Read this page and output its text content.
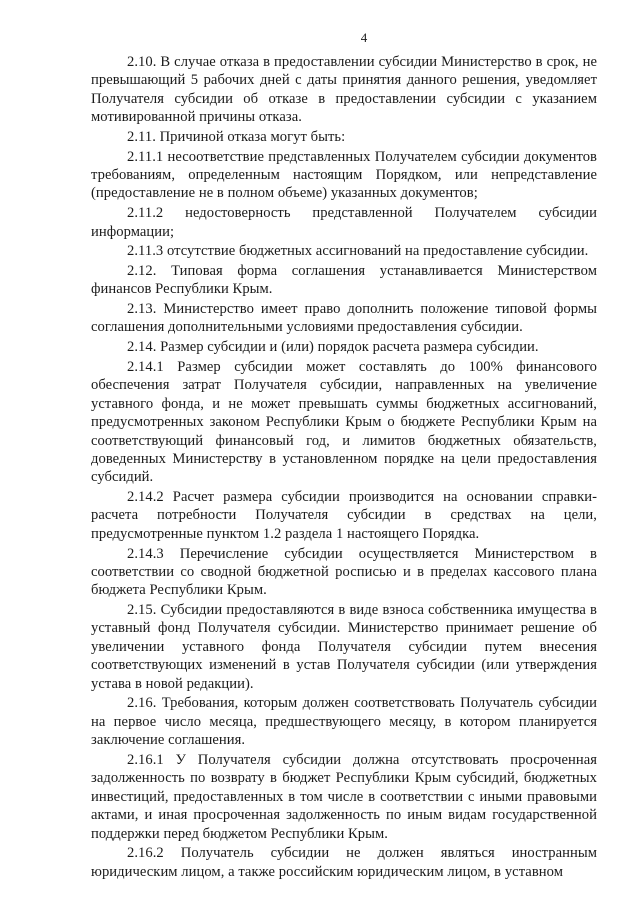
4

2.10. В случае отказа в предоставлении субсидии Министерство в срок, не превышающий 5 рабочих дней с даты принятия данного решения, уведомляет Получателя субсидии об отказе в предоставлении субсидии с указанием мотивированной причины отказа.

2.11. Причиной отказа могут быть:

2.11.1 несоответствие представленных Получателем субсидии документов требованиям, определенным настоящим Порядком, или непредставление (предоставление не в полном объеме) указанных документов;

2.11.2 недостоверность представленной Получателем субсидии информации;

2.11.3 отсутствие бюджетных ассигнований на предоставление субсидии.

2.12. Типовая форма соглашения устанавливается Министерством финансов Республики Крым.

2.13. Министерство имеет право дополнить положение типовой формы соглашения дополнительными условиями предоставления субсидии.

2.14. Размер субсидии и (или) порядок расчета размера субсидии.

2.14.1 Размер субсидии может составлять до 100% финансового обеспечения затрат Получателя субсидии, направленных на увеличение уставного фонда, и не может превышать суммы бюджетных ассигнований, предусмотренных законом Республики Крым о бюджете Республики Крым на соответствующий финансовый год, и лимитов бюджетных обязательств, доведенных Министерству в установленном порядке на цели предоставления субсидий.

2.14.2 Расчет размера субсидии производится на основании справки-расчета потребности Получателя субсидии в средствах на цели, предусмотренные пунктом 1.2 раздела 1 настоящего Порядка.

2.14.3 Перечисление субсидии осуществляется Министерством в соответствии со сводной бюджетной росписью и в пределах кассового плана бюджета Республики Крым.

2.15. Субсидии предоставляются в виде взноса собственника имущества в уставный фонд Получателя субсидии. Министерство принимает решение об увеличении уставного фонда Получателя субсидии путем внесения соответствующих изменений в устав Получателя субсидии (или утверждения устава в новой редакции).

2.16. Требования, которым должен соответствовать Получатель субсидии на первое число месяца, предшествующего месяцу, в котором планируется заключение соглашения.

2.16.1 У Получателя субсидии должна отсутствовать просроченная задолженность по возврату в бюджет Республики Крым субсидий, бюджетных инвестиций, предоставленных в том числе в соответствии с иными правовыми актами, и иная просроченная задолженность по иным видам государственной поддержки перед бюджетом Республики Крым.

2.16.2 Получатель субсидии не должен являться иностранным юридическим лицом, а также российским юридическим лицом, в уставном
